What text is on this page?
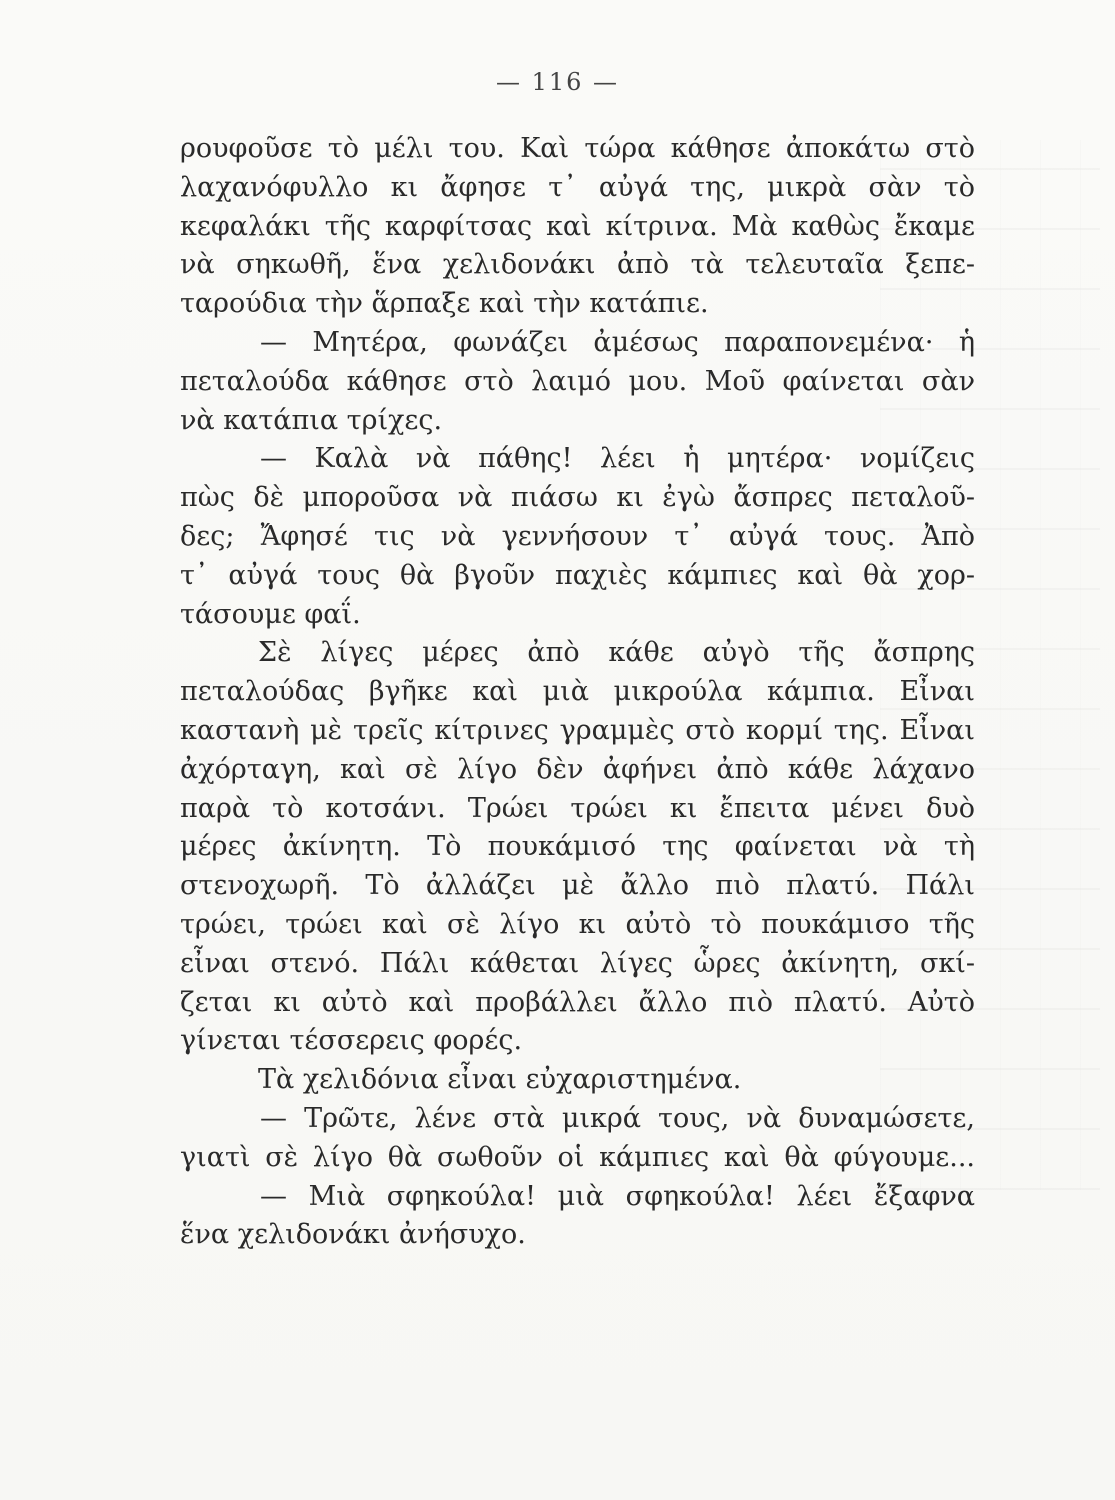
— 116 —
ρουφοῦσε τὸ μέλι του. Καὶ τώρα κάθησε ἀποκάτω στὸ
λαχανόφυλλο κι ἄφησε τ᾽ αὐγά της, μικρὰ σὰν τὸ
κεφαλάκι τῆς καρφίτσας καὶ κίτρινα. Μὰ καθὼς ἔκαμε
νὰ σηκωθῆ, ἕνα χελιδονάκι ἀπὸ τὰ τελευταῖα ξεπε-
ταρούδια τὴν ἅρπαξε καὶ τὴν κατάπιε.
— Μητέρα, φωνάζει ἀμέσως παραπονεμένα· ἡ
πεταλούδα κάθησε στὸ λαιμό μου. Μοῦ φαίνεται σὰν
νὰ κατάπια τρίχες.
— Καλὰ νὰ πάθης! λέει ἡ μητέρα· νομίζεις
πὼς δὲ μποροῦσα νὰ πιάσω κι ἐγὼ ἄσπρες πεταλοῦ-
δες; Ἄφησέ τις νὰ γεννήσουν τ᾽ αὐγά τους. Ἀπὸ
τ᾽ αὐγά τους θὰ βγοῦν παχιὲς κάμπιες καὶ θὰ χορ-
τάσουμε φαΐ.
Σὲ λίγες μέρες ἀπὸ κάθε αὐγὸ τῆς ἄσπρης
πεταλούδας βγῆκε καὶ μιὰ μικρούλα κάμπια. Εἶναι
καστανὴ μὲ τρεῖς κίτρινες γραμμὲς στὸ κορμί της. Εἶναι
ἀχόρταγη, καὶ σὲ λίγο δὲν ἀφήνει ἀπὸ κάθε λάχανο
παρὰ τὸ κοτσάνι. Τρώει τρώει κι ἔπειτα μένει δυὸ
μέρες ἀκίνητη. Τὸ πουκάμισό της φαίνεται νὰ τὴ
στενοχωρῆ. Τὸ ἀλλάζει μὲ ἄλλο πιὸ πλατύ. Πάλι
τρώει, τρώει καὶ σὲ λίγο κι αὐτὸ τὸ πουκάμισο τῆς
εἶναι στενό. Πάλι κάθεται λίγες ὧρες ἀκίνητη, σκί-
ζεται κι αὐτὸ καὶ προβάλλει ἄλλο πιὸ πλατύ. Αὐτὸ
γίνεται τέσσερεις φορές.
Τὰ χελιδόνια εἶναι εὐχαριστημένα.
— Τρῶτε, λένε στὰ μικρά τους, νὰ δυναμώσετε,
γιατὶ σὲ λίγο θὰ σωθοῦν οἱ κάμπιες καὶ θὰ φύγουμε...
— Μιὰ σφηκούλα! μιὰ σφηκούλα! λέει ἔξαφνα
ἕνα χελιδονάκι ἀνήσυχο.
